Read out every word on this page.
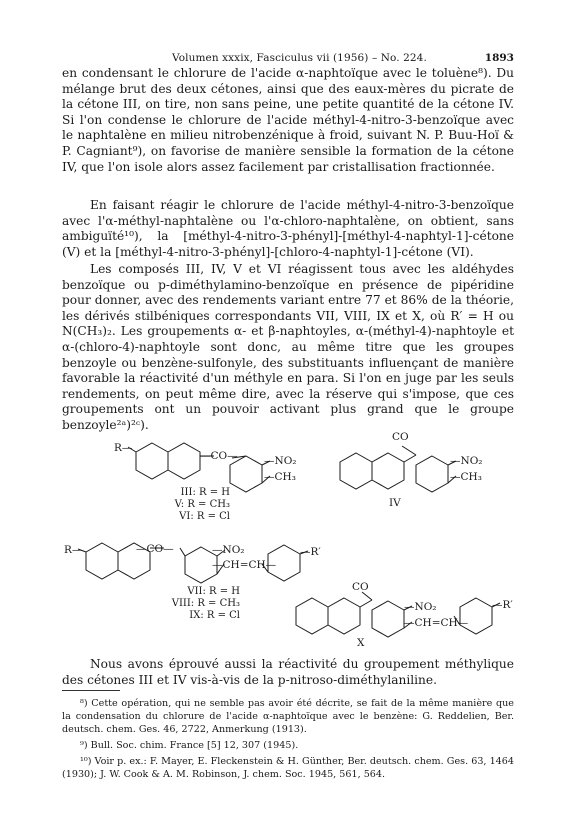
Volumen xxxix, Fasciculus vii (1956) – No. 224.	1893

en condensant le chlorure de l'acide α-naphtoïque avec le toluène⁸). Du mélange brut des deux cétones, ainsi que des eaux-mères du picrate de la cétone III, on tire, non sans peine, une petite quantité de la cétone IV. Si l'on condense le chlorure de l'acide méthyl-4-nitro-3-benzoïque avec le naphtalène en milieu nitrobenzénique à froid, suivant N. P. Buu-Hoï & P. Cagniant⁹), on favorise de manière sensible la formation de la cétone IV, que l'on isole alors assez facilement par cristallisation fractionnée.

En faisant réagir le chlorure de l'acide méthyl-4-nitro-3-benzoïque avec l'α-méthyl-naphtalène ou l'α-chloro-naphtalène, on obtient, sans ambiguïté¹⁰), la [méthyl-4-nitro-3-phényl]-[méthyl-4-naphtyl-1]-cétone (V) et la [méthyl-4-nitro-3-phényl]-[chloro-4-naphtyl-1]-cétone (VI).

Les composés III, IV, V et VI réagissent tous avec les aldéhydes benzoïque ou p-diméthylamino-benzoïque en présence de pipéridine pour donner, avec des rendements variant entre 77 et 86% de la théorie, les dérivés stilbéniques correspondants VII, VIII, IX et X, où R′ = H ou N(CH₃)₂. Les groupements α- et β-naphtoyles, α-(méthyl-4)-naphtoyle et α-(chloro-4)-naphtoyle sont donc, au même titre que les groupes benzoyle ou benzène-sulfonyle, des substituants influençant de manière favorable la réactivité d'un méthyle en para. Si l'on en juge par les seuls rendements, on peut même dire, avec la réserve qui s'impose, que ces groupements ont un pouvoir activant plus grand que le groupe benzoyle²ᵃ)²ᶜ).

R—
—CO—	—NO₂
—CH₃
CO
—NO₂
—CH₃
IV
R—	—CO—	—NO₂
—CH=CH—
—R′
CO
—NO₂
—CH=CH—
—R′
X
III: R = H
V: R = CH₃
VI: R = Cl
VII: R = H
VIII: R = CH₃
IX: R = Cl

Nous avons éprouvé aussi la réactivité du groupement méthylique des cétones III et IV vis-à-vis de la p-nitroso-diméthylaniline.

⁸) Cette opération, qui ne semble pas avoir été décrite, se fait de la même manière que la condensation du chlorure de l'acide α-naphtoïque avec le benzène: G. Reddelien, Ber. deutsch. chem. Ges. 46, 2722, Anmerkung (1913).

⁹) Bull. Soc. chim. France [5] 12, 307 (1945).

¹⁰) Voir p. ex.: F. Mayer, E. Fleckenstein & H. Günther, Ber. deutsch. chem. Ges. 63, 1464 (1930); J. W. Cook & A. M. Robinson, J. chem. Soc. 1945, 561, 564.
